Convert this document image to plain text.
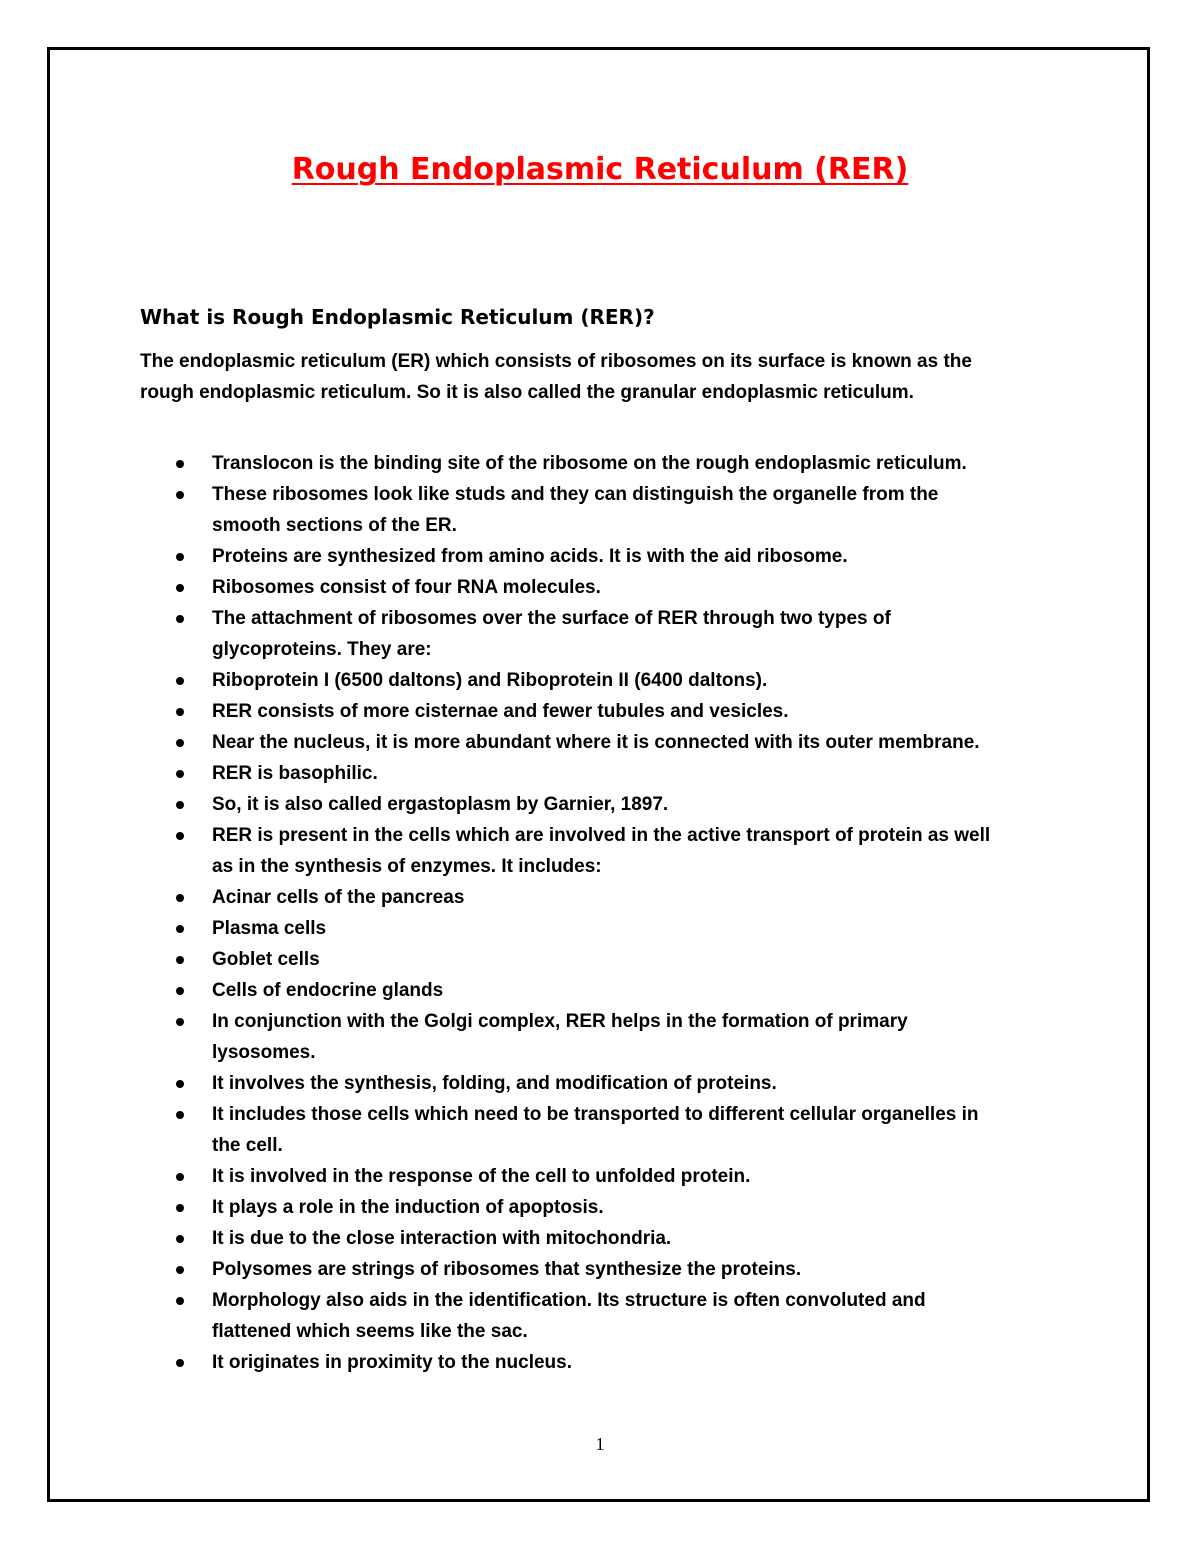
Rough Endoplasmic Reticulum (RER)
What is Rough Endoplasmic Reticulum (RER)?

The endoplasmic reticulum (ER) which consists of ribosomes on its surface is known as the
rough endoplasmic reticulum. So it is also called the granular endoplasmic reticulum.

Translocon is the binding site of the ribosome on the rough endoplasmic reticulum.
These ribosomes look like studs and they can distinguish the organelle from the
smooth sections of the ER.
Proteins are synthesized from amino acids. It is with the aid ribosome.
Ribosomes consist of four RNA molecules.
The attachment of ribosomes over the surface of RER through two types of
glycoproteins. They are:
Riboprotein I (6500 daltons) and Riboprotein II (6400 daltons).
RER consists of more cisternae and fewer tubules and vesicles.
Near the nucleus, it is more abundant where it is connected with its outer membrane.
RER is basophilic.
So, it is also called ergastoplasm by Garnier, 1897.
RER is present in the cells which are involved in the active transport of protein as well
as in the synthesis of enzymes. It includes:
Acinar cells of the pancreas
Plasma cells
Goblet cells
Cells of endocrine glands
In conjunction with the Golgi complex, RER helps in the formation of primary
lysosomes.
It involves the synthesis, folding, and modification of proteins.
It includes those cells which need to be transported to different cellular organelles in
the cell.
It is involved in the response of the cell to unfolded protein.
It plays a role in the induction of apoptosis.
It is due to the close interaction with mitochondria.
Polysomes are strings of ribosomes that synthesize the proteins.
Morphology also aids in the identification. Its structure is often convoluted and
flattened which seems like the sac.
It originates in proximity to the nucleus.
1
